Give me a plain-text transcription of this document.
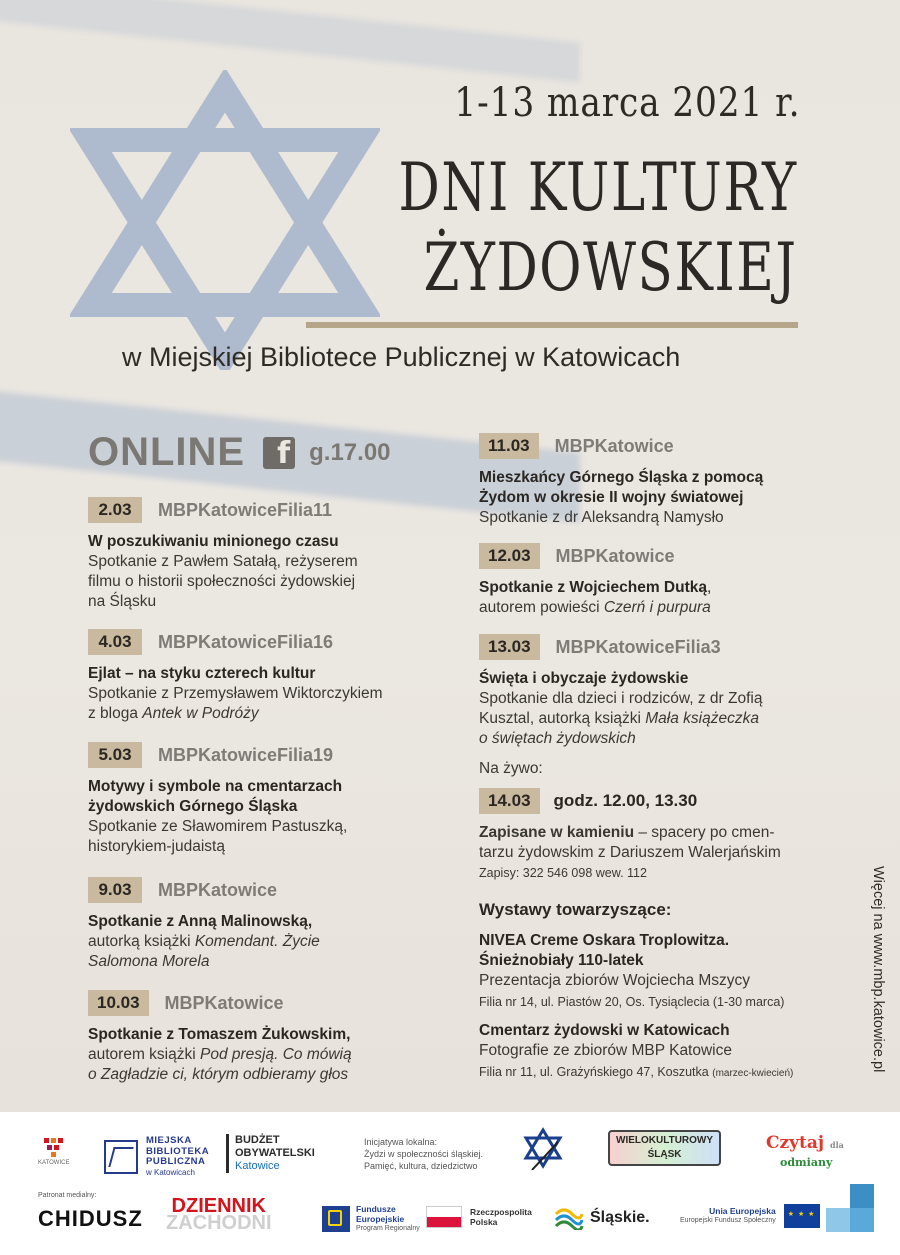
1-13 marca 2021 r.
DNI KULTURY
ŻYDOWSKIEJ
w Miejskiej Bibliotece Publicznej w Katowicach
ONLINE f g.17.00
2.03	MBPKatowiceFilia11
W poszukiwaniu minionego czasu
Spotkanie z Pawłem Satałą, reżyserem
filmu o historii społeczności żydowskiej
na Śląsku
4.03	MBPKatowiceFilia16
Ejlat – na styku czterech kultur
Spotkanie z Przemysławem Wiktorczykiem
z bloga Antek w Podróży
5.03	MBPKatowiceFilia19
Motywy i symbole na cmentarzach
żydowskich Górnego Śląska
Spotkanie ze Sławomirem Pastuszką,
historykiem-judaistą
9.03	MBPKatowice
Spotkanie z Anną Malinowską,
autorką książki Komendant. Życie
Salomona Morela
10.03	MBPKatowice
Spotkanie z Tomaszem Żukowskim,
autorem książki Pod presją. Co mówią
o Zagładzie ci, którym odbieramy głos
11.03	MBPKatowice
Mieszkańcy Górnego Śląska z pomocą
Żydom w okresie II wojny światowej
Spotkanie z dr Aleksandrą Namysło
12.03	MBPKatowice
Spotkanie z Wojciechem Dutką,
autorem powieści Czerń i purpura
13.03	MBPKatowiceFilia3
Święta i obyczaje żydowskie
Spotkanie dla dzieci i rodziców, z dr Zofią
Kusztal, autorką książki Mała książeczka
o świętach żydowskich
Na żywo:
14.03	godz. 12.00, 13.30
Zapisane w kamieniu – spacery po cmen-
tarzu żydowskim z Dariuszem Walerjańskim
Zapisy: 322 546 098 wew. 112
Wystawy towarzyszące:
NIVEA Creme Oskara Troplowitza.
Śnieżnobiały 110-latek
Prezentacja zbiorów Wojciecha Mszycy
Filia nr 14, ul. Piastów 20, Os. Tysiąclecia (1-30 marca)
Cmentarz żydowski w Katowicach
Fotografie ze zbiorów MBP Katowice
Filia nr 11, ul. Grażyńskiego 47, Koszutka (marzec-kwiecień)
Więcej na www.mbp.katowice.pl
KATOWICE
MIEJSKA
BIBLIOTEKA
PUBLICZNA
w Katowicach
BUDŻET
OBYWATELSKI
Katowice
Inicjatywa lokalna:
Żydzi w społeczności śląskiej.
Pamięć, kultura, dziedzictwo
WIELOKULTUROWY
ŚLĄSK
Czytaj dla
odmiany
Patronat medialny:
CHIDUSZ DZIENNIK
ZACHODNI
Fundusze
Europejskie
Program Regionalny
Rzeczpospolita
Polska	Śląskie.	Unia Europejska
Europejski Fundusz Społeczny
★ ★ ★
